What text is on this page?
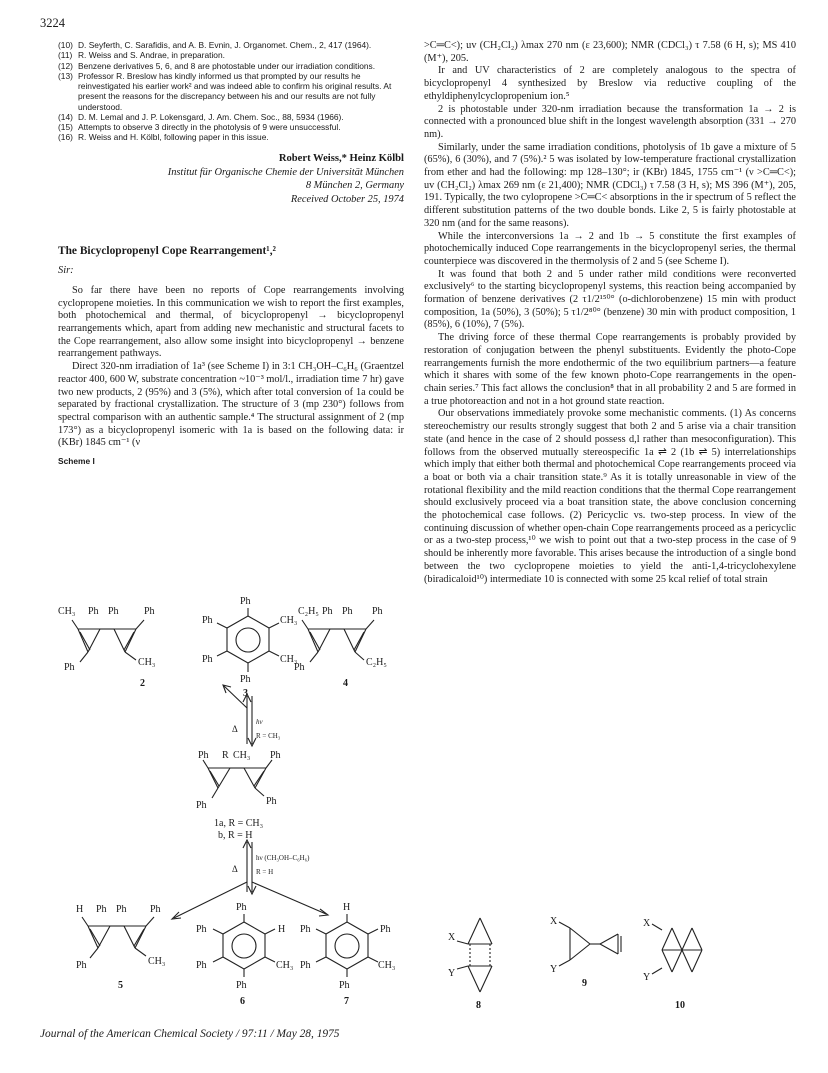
3224
(10) D. Seyferth, C. Sarafidis, and A. B. Evnin, J. Organomet. Chem., 2, 417 (1964).
(11) R. Weiss and S. Andrae, in preparation.
(12) Benzene derivatives 5, 6, and 8 are photostable under our irradiation conditions.
(13) Professor R. Breslow has kindly informed us that prompted by our results he reinvestigated his earlier work² and was indeed able to confirm his original results. At present the reasons for the discrepancy between his and our results are not fully understood.
(14) D. M. Lemal and J. P. Lokensgard, J. Am. Chem. Soc., 88, 5934 (1966).
(15) Attempts to observe 3 directly in the photolysis of 9 were unsuccessful.
(16) R. Weiss and H. Kölbl, following paper in this issue.
Robert Weiss,* Heinz Kölbl
Institut für Organische Chemie der Universität München
8 München 2, Germany
Received October 25, 1974
The Bicyclopropenyl Cope Rearrangement¹,²
Sir:

So far there have been no reports of Cope rearrangements involving cyclopropene moieties. In this communication we wish to report the first examples, both photochemical and thermal, of bicyclopropenyl → bicyclopropenyl rearrangements which, apart from adding new mechanistic and structural facets to the Cope rearrangement, also allow some insight into bicyclopropenyl → benzene rearrangement pathways.

Direct 320-nm irradiation of 1a³ (see Scheme I) in 3:1 CH₃OH–C₆H₆ (Graentzel reactor 400, 600 W, substrate concentration ~10⁻³ mol/l., irradiation time 7 hr) gave two new products, 2 (95%) and 3 (5%), which after total conversion of 1a could be separated by fractional crystallization. The structure of 3 (mp 230°) follows from spectral comparison with an authentic sample.⁴ The structural assignment of 2 (mp 173°) as a bicyclopropenyl isomeric with 1a is based on the following data: ir (KBr) 1845 cm⁻¹ (ν

Scheme I
CH₃ Ph Ph	Ph
Ph	CH₃
2
Ph
Ph	CH₃
Ph	CH₃
Ph
3
C₂H₅ Ph Ph Ph
Ph	C₂H₅
4
Δ
hν
R = CH₃
Ph R CH₃ Ph
Ph	Ph
1a, R = CH₃
b, R = H
Δ
hν (CH₃OH–C₆H₆)
R = H
H Ph Ph Ph
Ph	CH₃
5
Ph
Ph	H
Ph	CH₃
Ph
6
H
Ph	Ph
Ph	CH₃
Ph
7

>C═C<); uv (CH₂Cl₂) λmax 270 nm (ε 23,600); NMR (CDCl₃) τ 7.58 (6 H, s); MS 410 (M⁺), 205.

Ir and UV characteristics of 2 are completely analogous to the spectra of bicyclopropenyl 4 synthesized by Breslow via reductive coupling of the ethyldiphenylcyclopropenium ion.⁵

2 is photostable under 320-nm irradiation because the transformation 1a → 2 is connected with a pronounced blue shift in the longest wavelength absorption (331 → 270 nm).

Similarly, under the same irradiation conditions, photolysis of 1b gave a mixture of 5 (65%), 6 (30%), and 7 (5%).² 5 was isolated by low-temperature fractional crystallization from ether and had the following: mp 128–130°; ir (KBr) 1845, 1755 cm⁻¹ (ν >C═C<); uv (CH₂Cl₂) λmax 269 nm (ε 21,400); NMR (CDCl₃) τ 7.58 (3 H, s); MS 396 (M⁺), 205, 191. Typically, the two cylopropene >C═C< absorptions in the ir spectrum of 5 reflect the different substitution patterns of the two double bonds. Like 2, 5 is fairly photostable at 320 nm (and for the same reasons).

While the interconversions 1a → 2 and 1b → 5 constitute the first examples of photochemically induced Cope rearrangements in the bicyclopropenyl series, the thermal counterpiece was discovered in the thermolysis of 2 and 5 (see Scheme I).

It was found that both 2 and 5 under rather mild conditions were reconverted exclusively⁶ to the starting bicyclopropenyl systems, this reaction being accompanied by formation of benzene derivatives (2 τ1/2¹⁵⁰° (o-dichlorobenzene) 15 min with product composition, 1a (50%), 3 (50%); 5 τ1/2⁸⁰° (benzene) 30 min with product composition, 1 (85%), 6 (10%), 7 (5%).

The driving force of these thermal Cope rearrangements is probably provided by restoration of conjugation between the phenyl substituents. Evidently the photo-Cope rearrangements furnish the more endothermic of the two equilibrium partners—a feature which it shares with some of the few known photo-Cope rearrangements in the open-chain series.⁷ This fact allows the conclusion⁸ that in all probability 2 and 5 are formed in a true photoreaction and not in a hot ground state reaction.

Our observations immediately provoke some mechanistic comments. (1) As concerns stereochemistry our results strongly suggest that both 2 and 5 arise via a chair transition state (and hence in the case of 2 should possess d,l rather than mesoconfiguration). This follows from the observed mutually stereospecific 1a ⇌ 2 (1b ⇌ 5) interrelationships which imply that either both thermal and photochemical Cope rearrangements proceed via a boat or both via a chair transition state.⁹ As it is totally unreasonable in view of the rotational flexibility and the mild reaction conditions that the thermal Cope rearrangement should exclusively proceed via a boat transition state, the above conclusion concerning the photochemical case follows. (2) Pericyclic vs. two-step process. In view of the continuing discussion of whether open-chain Cope rearrangements proceed as a pericyclic or as a two-step process,¹⁰ we wish to point out that a two-step process in the case of 9 should be inherently more favorable. This arises because the introduction of a single bond between the two cyclopropene moieties to yield the anti-1,4-tricyclohexylene (biradicaloid¹⁰) intermediate 10 is connected with some 25 kcal relief of total strain

X
Y
8
X
Y
9
X
Y
10
Journal of the American Chemical Society / 97:11 / May 28, 1975
